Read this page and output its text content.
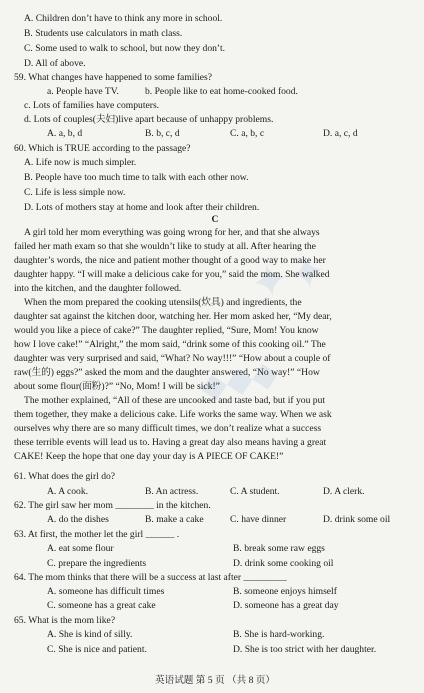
✦✦
◆◆◆
A. Children don’t have to think any more in school.
B. Students use calculators in math class.
C. Some used to walk to school, but now they don’t.
D. All of above.
59. What changes have happened to some families?
a. People have TV.	b. People like to eat home-cooked food.
c. Lots of families have computers.
d. Lots of couples(夫妇)live apart because of unhappy problems.
A. a, b, d	B. b, c, d	C. a, b, c	D. a, c, d
60. Which is TRUE according to the passage?
A. Life now is much simpler.
B. People have too much time to talk with each other now.
C. Life is less simple now.
D. Lots of mothers stay at home and look after their children.
C
A girl told her mom everything was going wrong for her, and that she always
failed her math exam so that she wouldn’t like to study at all. After hearing the
daughter’s words, the nice and patient mother thought of a good way to make her
daughter happy. “I will make a delicious cake for you,” said the mom. She walked
into the kitchen, and the daughter followed.
When the mom prepared the cooking utensils(炊具) and ingredients, the
daughter sat against the kitchen door, watching her. Her mom asked her, “My dear,
would you like a piece of cake?” The daughter replied, “Sure, Mom! You know
how I love cake!” “Alright,” the mom said, “drink some of this cooking oil.” The
daughter was very surprised and said, “What? No way!!!” “How about a couple of
raw(生的) eggs?” asked the mom and the daughter answered, “No way!” “How
about some flour(面粉)?” “No, Mom! I will be sick!”
The mother explained, “All of these are uncooked and taste bad, but if you put
them together, they make a delicious cake. Life works the same way. When we ask
ourselves why there are so many difficult times, we don’t realize what a success
these terrible events will lead us to. Having a great day also means having a great
CAKE! Keep the hope that one day your day is A PIECE OF CAKE!”
61. What does the girl do?
A. A cook.	B. An actress.	C. A student.	D. A clerk.
62. The girl saw her mom ________ in the kitchen.
A. do the dishes	B. make a cake	C. have dinner	D. drink some oil
63. At first, the mother let the girl ______ .
A. eat some flour	B. break some raw eggs
C. prepare the ingredients	D. drink some cooking oil
64. The mom thinks that there will be a success at last after _________
A. someone has difficult times	B. someone enjoys himself
C. someone has a great cake	D. someone has a great day
65. What is the mom like?
A. She is kind of silly.	B. She is hard-working.
C. She is nice and patient.	D. She is too strict with her daughter.
英语试题 第 5 页 （共 8 页）
